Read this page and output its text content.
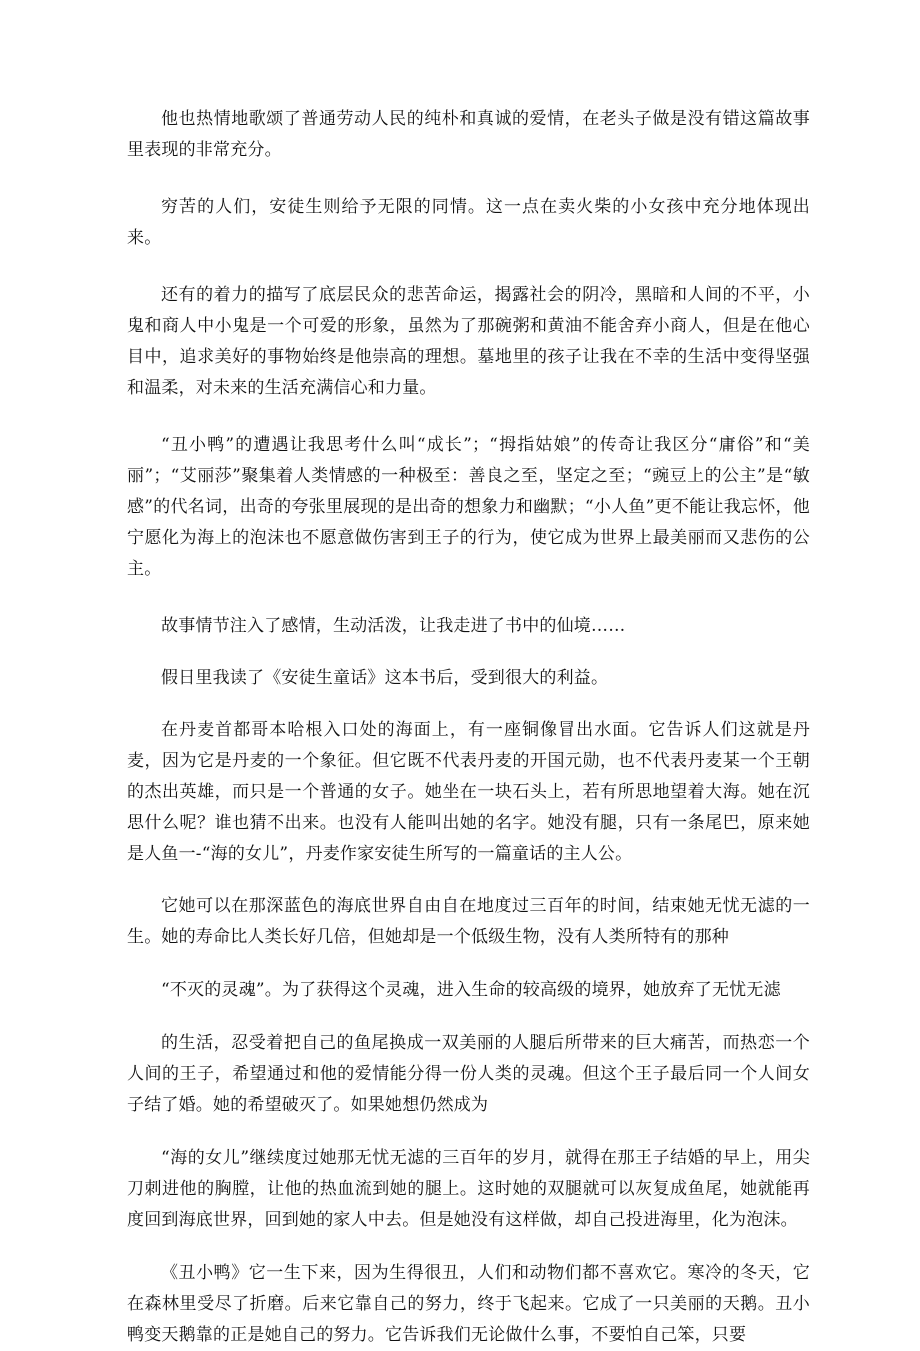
他也热情地歌颂了普通劳动人民的纯朴和真诚的爱情，在老头子做是没有错这篇故事里表现的非常充分。

穷苦的人们，安徒生则给予无限的同情。这一点在卖火柴的小女孩中充分地体现出来。

还有的着力的描写了底层民众的悲苦命运，揭露社会的阴冷，黑暗和人间的不平，小鬼和商人中小鬼是一个可爱的形象，虽然为了那碗粥和黄油不能舍弃小商人，但是在他心目中，追求美好的事物始终是他崇高的理想。墓地里的孩子让我在不幸的生活中变得坚强和温柔，对未来的生活充满信心和力量。

“丑小鸭”的遭遇让我思考什么叫“成长”；“拇指姑娘”的传奇让我区分“庸俗”和“美丽”；“艾丽莎”聚集着人类情感的一种极至：善良之至，坚定之至；“豌豆上的公主”是“敏感”的代名词，出奇的夸张里展现的是出奇的想象力和幽默；“小人鱼”更不能让我忘怀，他宁愿化为海上的泡沫也不愿意做伤害到王子的行为，使它成为世界上最美丽而又悲伤的公主。

故事情节注入了感情，生动活泼，让我走进了书中的仙境……

假日里我读了《安徒生童话》这本书后，受到很大的利益。

在丹麦首都哥本哈根入口处的海面上，有一座铜像冒出水面。它告诉人们这就是丹麦，因为它是丹麦的一个象征。但它既不代表丹麦的开国元勋，也不代表丹麦某一个王朝的杰出英雄，而只是一个普通的女子。她坐在一块石头上，若有所思地望着大海。她在沉思什么呢？谁也猜不出来。也没有人能叫出她的名字。她没有腿，只有一条尾巴，原来她是人鱼一-“海的女儿”，丹麦作家安徒生所写的一篇童话的主人公。

它她可以在那深蓝色的海底世界自由自在地度过三百年的时间，结束她无忧无滤的一生。她的寿命比人类长好几倍，但她却是一个低级生物，没有人类所特有的那种

“不灭的灵魂”。为了获得这个灵魂，进入生命的较高级的境界，她放弃了无忧无滤

的生活，忍受着把自己的鱼尾换成一双美丽的人腿后所带来的巨大痛苦，而热恋一个人间的王子，希望通过和他的爱情能分得一份人类的灵魂。但这个王子最后同一个人间女子结了婚。她的希望破灭了。如果她想仍然成为

“海的女儿”继续度过她那无忧无滤的三百年的岁月，就得在那王子结婚的早上，用尖刀刺进他的胸膛，让他的热血流到她的腿上。这时她的双腿就可以灰复成鱼尾，她就能再度回到海底世界，回到她的家人中去。但是她没有这样做，却自己投进海里，化为泡沫。

《丑小鸭》它一生下来，因为生得很丑，人们和动物们都不喜欢它。寒冷的冬天，它在森林里受尽了折磨。后来它靠自己的努力，终于飞起来。它成了一只美丽的天鹅。丑小鸭变天鹅靠的正是她自己的努力。它告诉我们无论做什么事，不要怕自己笨，只要
